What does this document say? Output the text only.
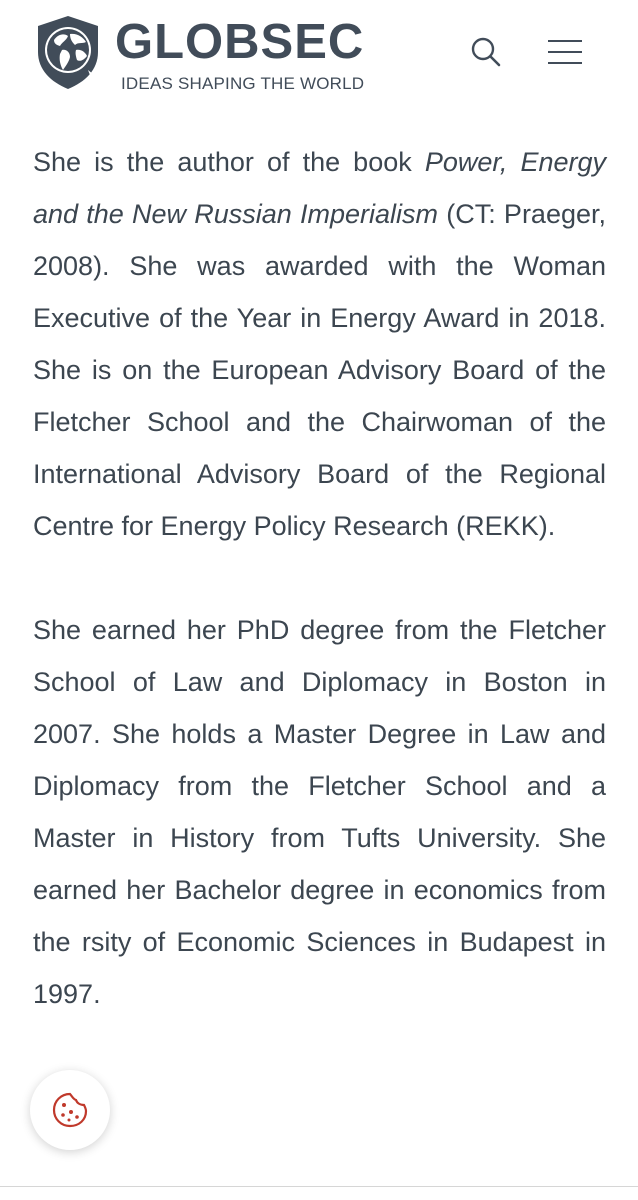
GLOBSEC
IDEAS SHAPING THE WORLD

She is the author of the book Power, Energy and the New Russian Imperialism (CT: Praeger, 2008). She was awarded with the Woman Executive of the Year in Energy Award in 2018. She is on the European Advisory Board of the Fletcher School and the Chairwoman of the International Advisory Board of the Regional Centre for Energy Policy Research (REKK).

She earned her PhD degree from the Fletcher School of Law and Diplomacy in Boston in 2007. She holds a Master Degree in Law and Diplomacy from the Fletcher School and a Master in History from Tufts University. She earned her Bachelor degree in economics from the rsity of Economic Sciences in Budapest in 1997.
